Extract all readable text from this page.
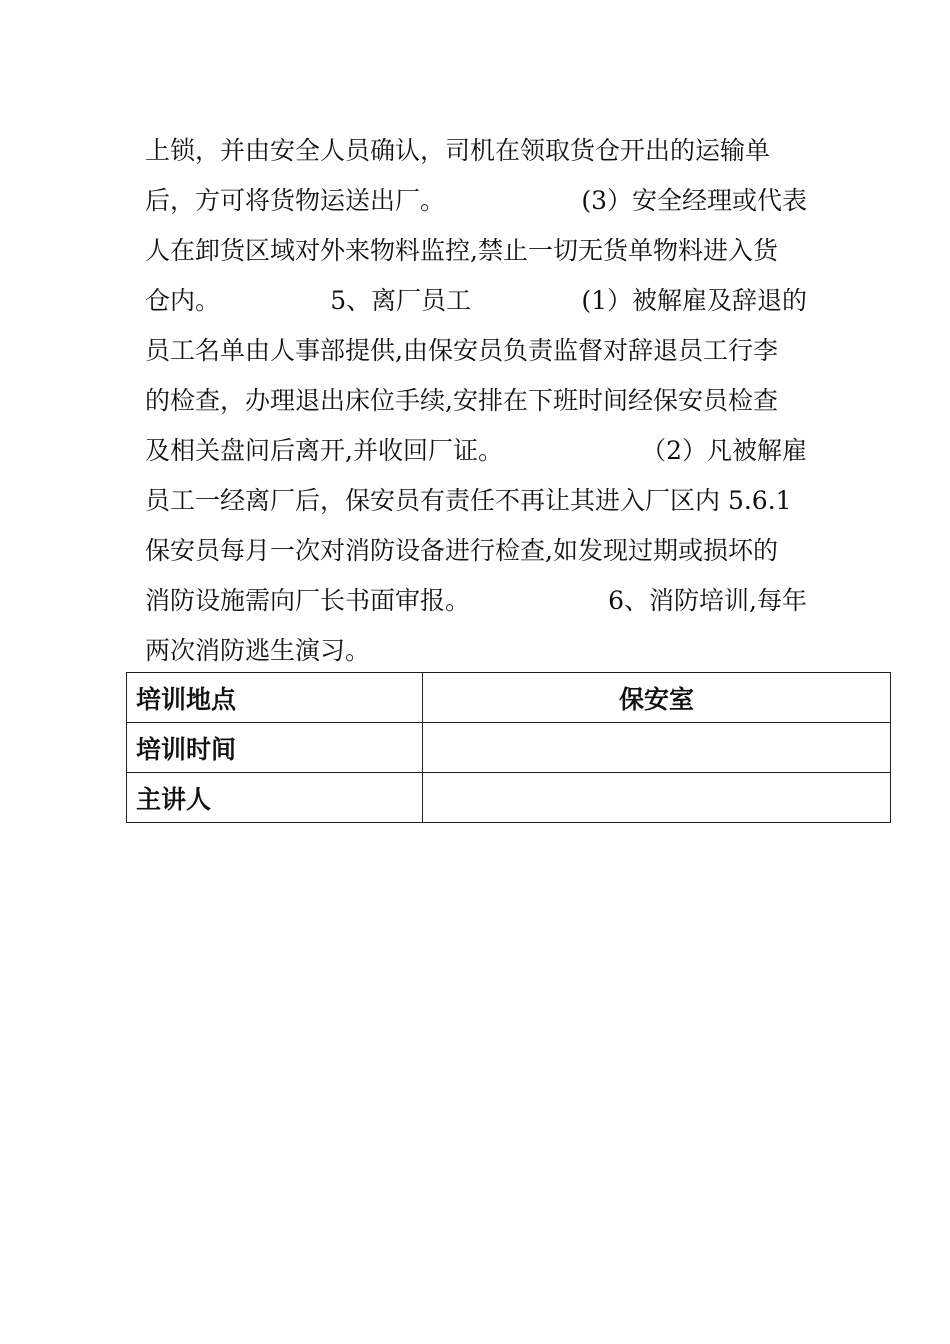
上锁，并由安全人员确认，司机在领取货仓开出的运输单
后，方可将货物运送出厂。	(3）安全经理或代表
人在卸货区域对外来物料监控,禁止一切无货单物料进入货
仓内。	5、离厂员工	(1）被解雇及辞退的
员工名单由人事部提供,由保安员负责监督对辞退员工行李
的检查，办理退出床位手续,安排在下班时间经保安员检查
及相关盘问后离开,并收回厂证。	（2）凡被解雇
员工一经离厂后，保安员有责任不再让其进入厂区内 5.6.1
保安员每月一次对消防设备进行检查,如发现过期或损坏的
消防设施需向厂长书面审报。	6、消防培训,每年
两次消防逃生演习。
培训地点	保安室
培训时间	
主讲人	
